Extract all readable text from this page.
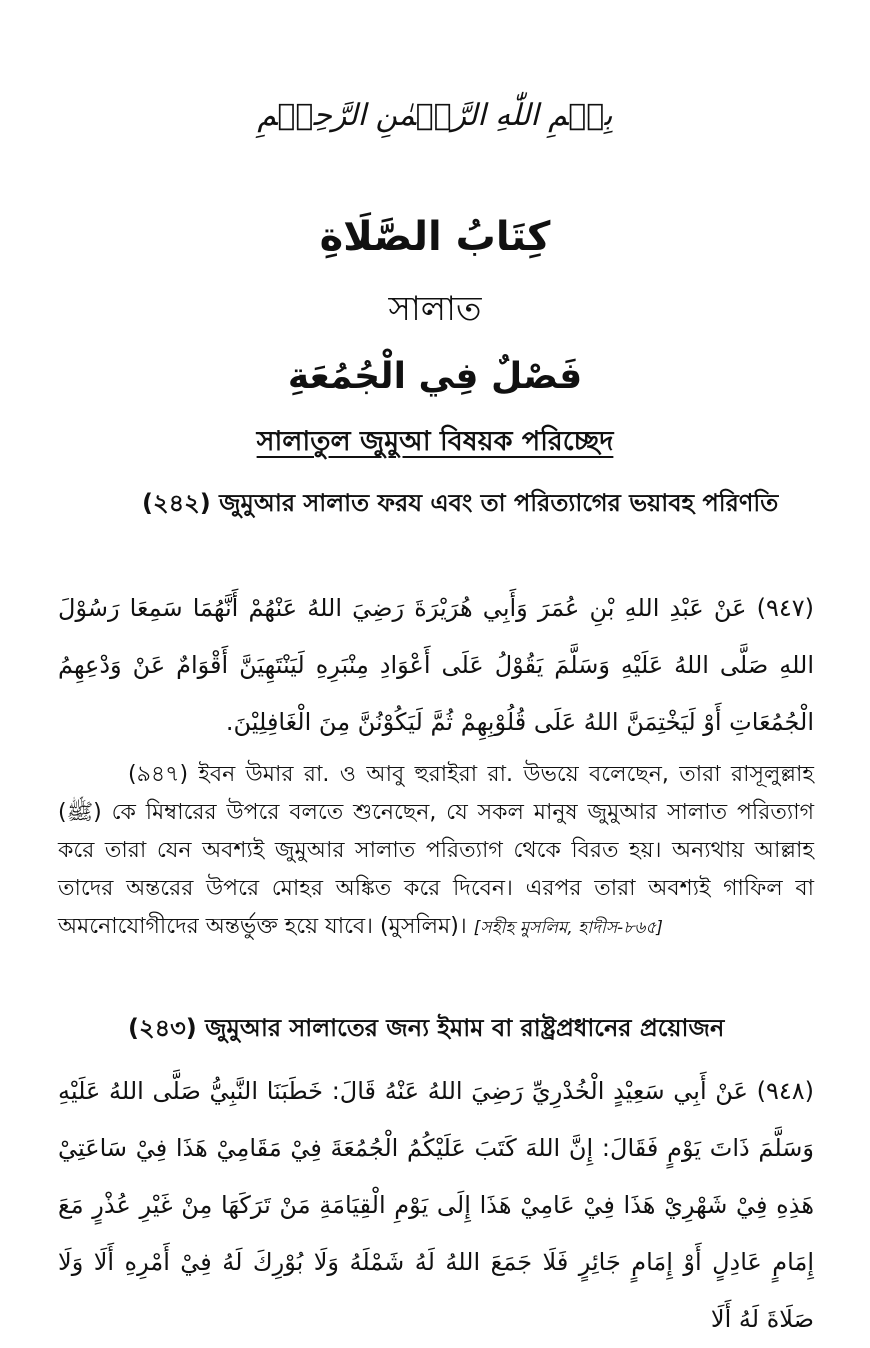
بِسۡمِ اللّٰهِ الرَّحۡمٰنِ الرَّحِيۡمِ
كِتَابُ الصَّلَاةِ
সালাত
فَصْلٌ فِي الْجُمُعَةِ
সালাতুল জুমুআ বিষয়ক পরিচ্ছেদ
(২৪২) জুমুআর সালাত ফরয এবং তা পরিত্যাগের ভয়াবহ পরিণতি
(٩٤٧) عَنْ عَبْدِ اللهِ بْنِ عُمَرَ وَأَبِي هُرَيْرَةَ رَضِيَ اللهُ عَنْهُمْ أَنَّهُمَا سَمِعَا رَسُوْلَ اللهِ صَلَّى اللهُ عَلَيْهِ وَسَلَّمَ يَقُوْلُ عَلَى أَعْوَادِ مِنْبَرِهِ لَيَنْتَهِيَنَّ أَقْوَامٌ عَنْ وَدْعِهِمُ الْجُمُعَاتِ أَوْ لَيَخْتِمَنَّ اللهُ عَلَى قُلُوْبِهِمْ ثُمَّ لَيَكُوْنُنَّ مِنَ الْغَافِلِيْنَ.
(৯৪৭) ইবন উমার রা. ও আবু হুরাইরা রা. উভয়ে বলেছেন, তারা রাসূলুল্লাহ (ﷺ) কে মিম্বারের উপরে বলতে শুনেছেন, যে সকল মানুষ জুমুআর সালাত পরিত্যাগ করে তারা যেন অবশ্যই জুমুআর সালাত পরিত্যাগ থেকে বিরত হয়। অন্যথায় আল্লাহ তাদের অন্তরের উপরে মোহর অঙ্কিত করে দিবেন। এরপর তারা অবশ্যই গাফিল বা অমনোযোগীদের অন্তর্ভুক্ত হয়ে যাবে। (মুসলিম)। [সহীহ মুসলিম, হাদীস-৮৬৫]
(২৪৩) জুমুআর সালাতের জন্য ইমাম বা রাষ্ট্রপ্রধানের প্রয়োজন
(٩٤٨) عَنْ أَبِي سَعِيْدٍ الْخُدْرِيِّ رَضِيَ اللهُ عَنْهُ قَالَ: خَطَبَنَا النَّبِيُّ صَلَّى اللهُ عَلَيْهِ وَسَلَّمَ ذَاتَ يَوْمٍ فَقَالَ: إِنَّ اللهَ كَتَبَ عَلَيْكُمُ الْجُمُعَةَ فِيْ مَقَامِيْ هَذَا فِيْ سَاعَتِيْ هَذِهِ فِيْ شَهْرِيْ هَذَا فِيْ عَامِيْ هَذَا إِلَى يَوْمِ الْقِيَامَةِ مَنْ تَرَكَهَا مِنْ غَيْرِ عُذْرٍ مَعَ إِمَامٍ عَادِلٍ أَوْ إِمَامٍ جَائِرٍ فَلَا جَمَعَ اللهُ لَهُ شَمْلَهُ وَلَا بُوْرِكَ لَهُ فِيْ أَمْرِهِ أَلَا وَلَا صَلَاةَ لَهُ أَلَا
